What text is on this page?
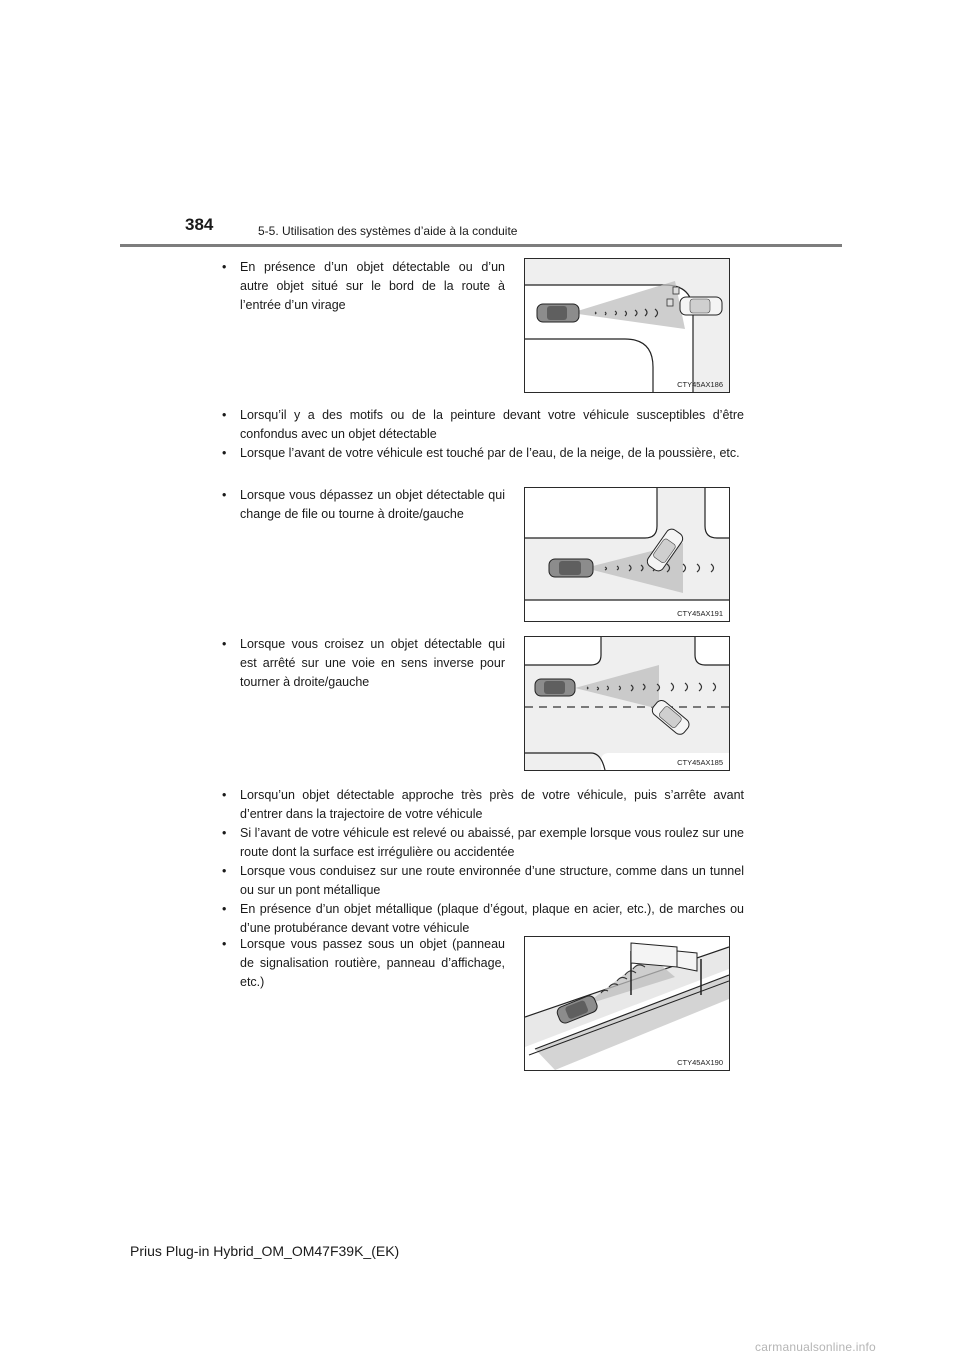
384	5-5. Utilisation des systèmes d’aide à la conduite
•	En présence d’un objet détectable ou d’un autre objet situé sur le bord de la route à l’entrée d’un virage
•	Lorsqu’il y a des motifs ou de la peinture devant votre véhicule susceptibles d’être confondus avec un objet détectable
•	Lorsque l’avant de votre véhicule est touché par de l’eau, de la neige, de la poussière, etc.
•	Lorsque vous dépassez un objet détectable qui change de file ou tourne à droite/gauche
•	Lorsque vous croisez un objet détectable qui est arrêté sur une voie en sens inverse pour tourner à droite/gauche
•	Lorsqu’un objet détectable approche très près de votre véhicule, puis s’arrête avant d’entrer dans la trajectoire de votre véhicule
•	Si l’avant de votre véhicule est relevé ou abaissé, par exemple lorsque vous roulez sur une route dont la surface est irrégulière ou accidentée
•	Lorsque vous conduisez sur une route environnée d’une structure, comme dans un tunnel ou sur un pont métallique
•	En présence d’un objet métallique (plaque d’égout, plaque en acier, etc.), de marches ou d’une protubérance devant votre véhicule
•	Lorsque vous passez sous un objet (panneau de signalisation routière, panneau d’affichage, etc.)
CTY45AX186
CTY45AX191
CTY45AX185
CTY45AX190
Prius Plug-in Hybrid_OM_OM47F39K_(EK)
carmanualsonline.info
